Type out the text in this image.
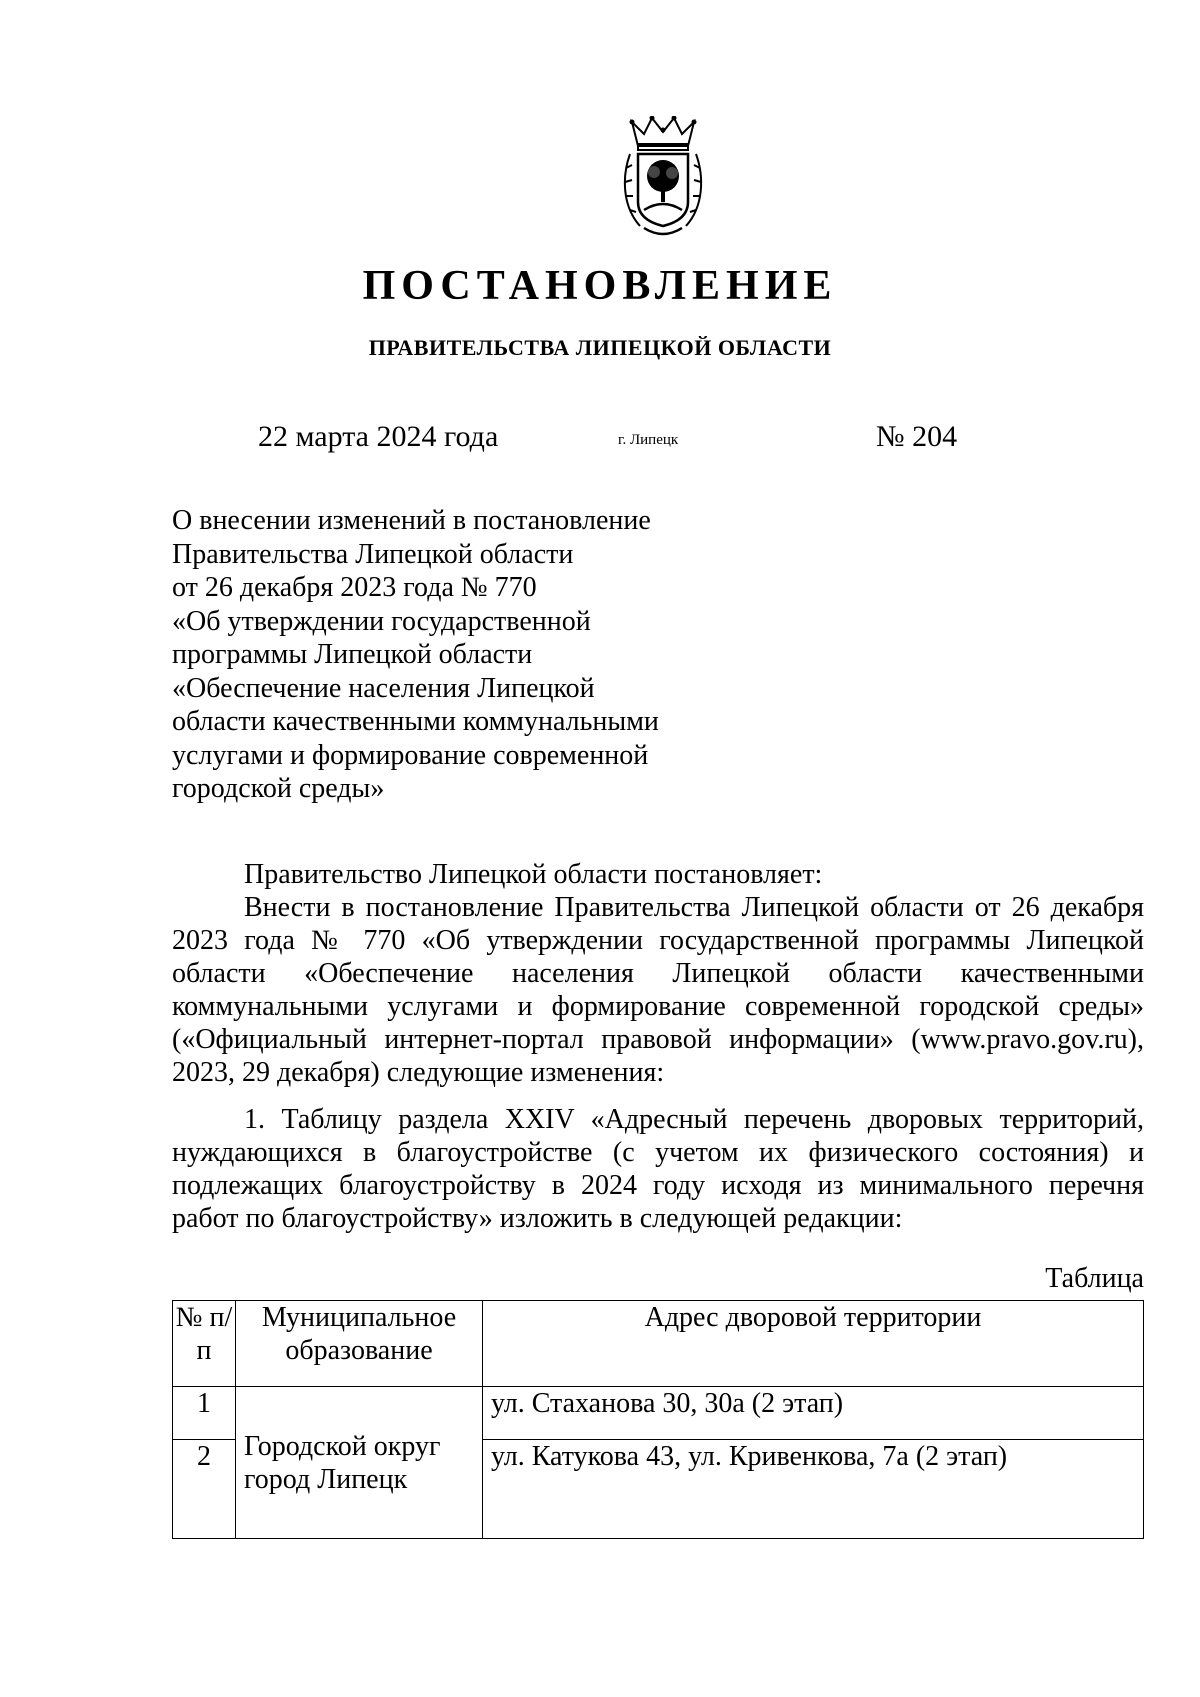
ПОСТАНОВЛЕНИЕ
ПРАВИТЕЛЬСТВА ЛИПЕЦКОЙ ОБЛАСТИ
22 марта 2024 года	г. Липецк	№ 204
О внесении изменений в постановление
Правительства Липецкой области
от 26 декабря 2023 года № 770
«Об утверждении государственной
программы Липецкой области
«Обеспечение населения Липецкой
области качественными коммунальными
услугами и формирование современной
городской среды»

Правительство Липецкой области постановляет:

Внести в постановление Правительства Липецкой области от 26 декабря 2023 года № 770 «Об утверждении государственной программы Липецкой области «Обеспечение населения Липецкой области качественными коммунальными услугами и формирование современной городской среды» («Официальный интернет-портал правовой информации» (www.pravo.gov.ru), 2023, 29 декабря) следующие изменения:

1. Таблицу раздела XXIV «Адресный перечень дворовых территорий, нуждающихся в благоустройстве (с учетом их физического состояния) и подлежащих благоустройству в 2024 году исходя из минимального перечня работ по благоустройству» изложить в следующей редакции:

Таблица
№ п/п	Муниципальное образование	Адрес дворовой территории
1	Городской округ город Липецк	ул. Стаханова 30, 30а (2 этап)
2		ул. Катукова 43, ул. Кривенкова, 7а (2 этап)
